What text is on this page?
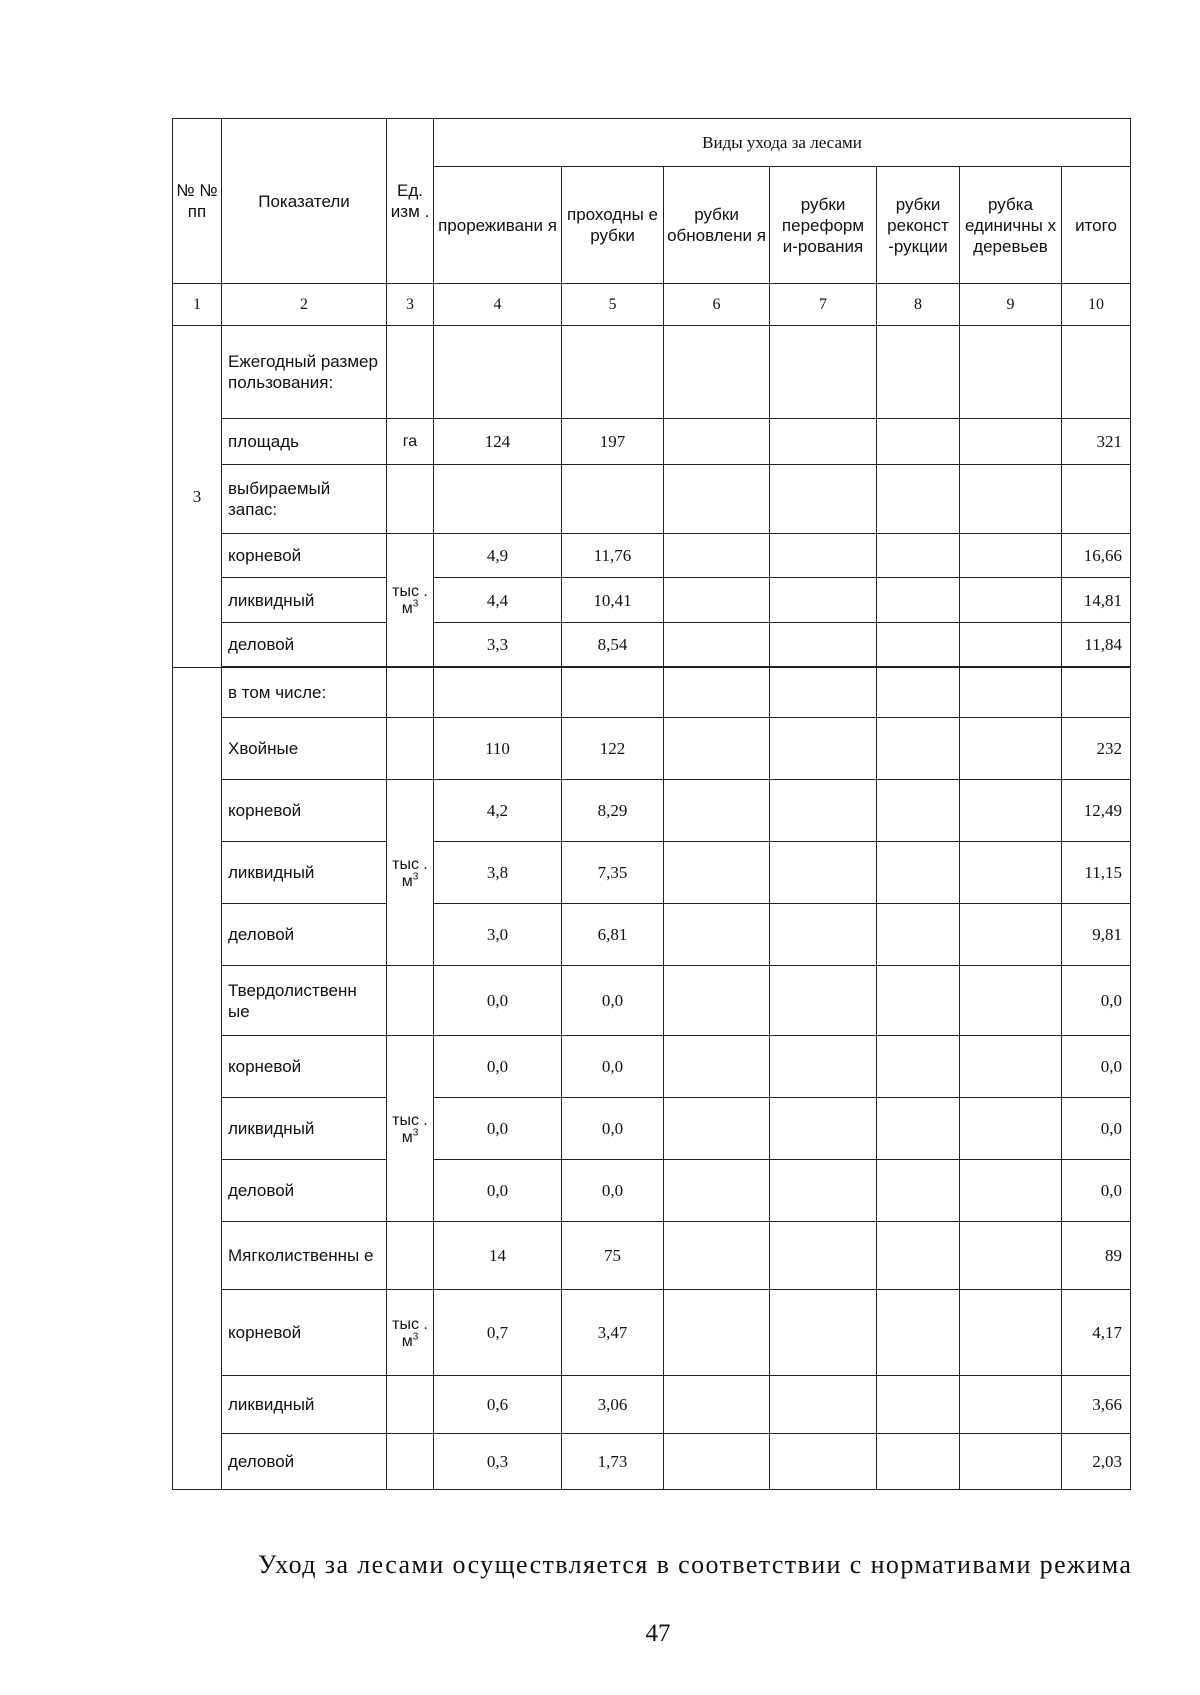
№ № пп	Показатели	Ед. изм .	Виды ухода за лесами						
			прореживани я	проходны е рубки	рубки обновлени я	рубки переформ и-рования	рубки реконст -рукции	рубка единичны х деревьев	итого
1	2	3	4	5	6	7	8	9	10
3	Ежегодный размер пользования:								
	площадь	га	124	197					321
	выбираемый запас:								
	корневой	тыс . $м^3$	4,9	11,76					16,66
	ликвидный		4,4	10,41					14,81
	деловой		3,3	8,54					11,84

	в том числе:								
	Хвойные		110	122					232
	корневой	тыс . $м^3$	4,2	8,29					12,49
	ликвидный		3,8	7,35					11,15
	деловой		3,0	6,81					9,81
	Твердолиственн ые		0,0	0,0					0,0
	корневой	тыс . $м^3$	0,0	0,0					0,0
	ликвидный		0,0	0,0					0,0
	деловой		0,0	0,0					0,0
	Мягколиственны е		14	75					89
	корневой	тыс . $м^3$	0,7	3,47					4,17
	ликвидный		0,6	3,06					3,66
	деловой		0,3	1,73					2,03
Уход за лесами осуществляется в соответствии с нормативами режима
47
